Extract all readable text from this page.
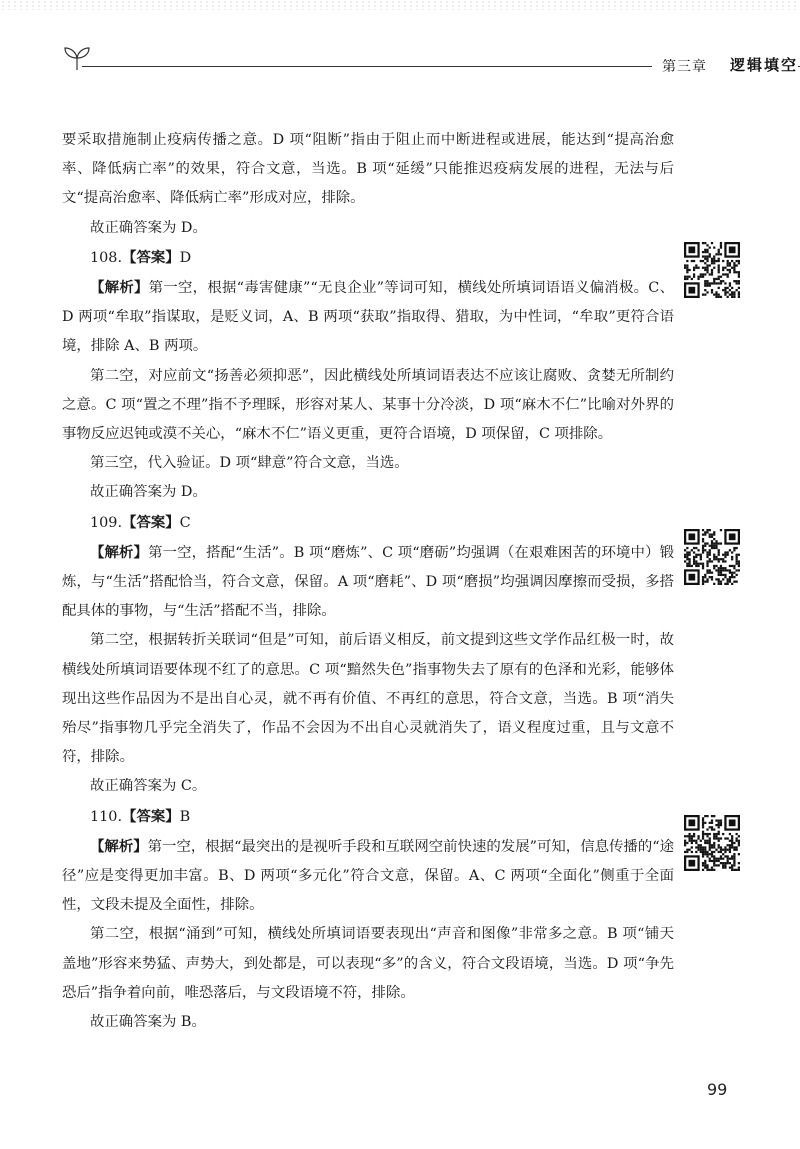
第三章 逻辑填空

要采取措施制止疫病传播之意。D 项“阻断”指由于阻止而中断进程或进展，能达到“提高治愈率、降低病亡率”的效果，符合文意，当选。B 项“延缓”只能推迟疫病发展的进程，无法与后文“提高治愈率、降低病亡率”形成对应，排除。

故正确答案为 D。

108.【答案】D

【解析】第一空，根据“毒害健康”“无良企业”等词可知，横线处所填词语语义偏消极。C、D 两项“牟取”指谋取，是贬义词，A、B 两项“获取”指取得、猎取，为中性词，“牟取”更符合语境，排除 A、B 两项。

第二空，对应前文“扬善必须抑恶”，因此横线处所填词语表达不应该让腐败、贪婪无所制约之意。C 项“置之不理”指不予理睬，形容对某人、某事十分冷淡，D 项“麻木不仁”比喻对外界的事物反应迟钝或漠不关心，“麻木不仁”语义更重，更符合语境，D 项保留，C 项排除。

第三空，代入验证。D 项“肆意”符合文意，当选。

故正确答案为 D。

109.【答案】C

【解析】第一空，搭配“生活”。B 项“磨炼”、C 项“磨砺”均强调（在艰难困苦的环境中）锻炼，与“生活”搭配恰当，符合文意，保留。A 项“磨耗”、D 项“磨损”均强调因摩擦而受损，多搭配具体的事物，与“生活”搭配不当，排除。

第二空，根据转折关联词“但是”可知，前后语义相反，前文提到这些文学作品红极一时，故横线处所填词语要体现不红了的意思。C 项“黯然失色”指事物失去了原有的色泽和光彩，能够体现出这些作品因为不是出自心灵，就不再有价值、不再红的意思，符合文意，当选。B 项“消失殆尽”指事物几乎完全消失了，作品不会因为不出自心灵就消失了，语义程度过重，且与文意不符，排除。

故正确答案为 C。

110.【答案】B

【解析】第一空，根据“最突出的是视听手段和互联网空前快速的发展”可知，信息传播的“途径”应是变得更加丰富。B、D 两项“多元化”符合文意，保留。A、C 两项“全面化”侧重于全面性，文段未提及全面性，排除。

第二空，根据“涌到”可知，横线处所填词语要表现出“声音和图像”非常多之意。B 项“铺天盖地”形容来势猛、声势大，到处都是，可以表现“多”的含义，符合文段语境，当选。D 项“争先恐后”指争着向前，唯恐落后，与文段语境不符，排除。

故正确答案为 B。

99
